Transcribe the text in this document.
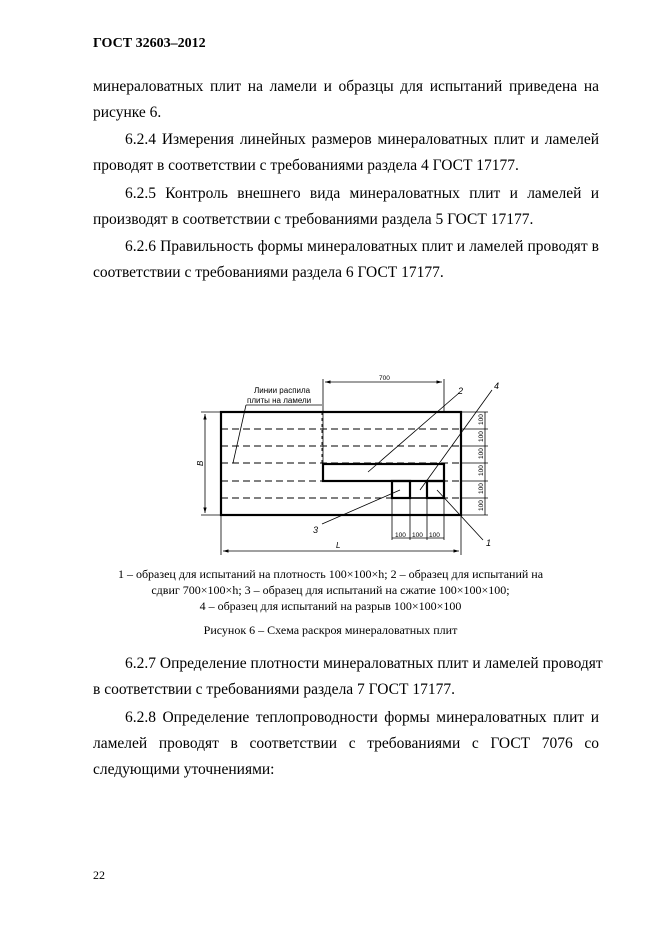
ГОСТ 32603–2012
минераловатных плит на ламели и образцы для испытаний приведена на
рисунке 6.
6.2.4 Измерения линейных размеров минераловатных плит и ламелей
проводят в соответствии с требованиями раздела 4 ГОСТ 17177.
6.2.5 Контроль внешнего вида минераловатных плит и ламелей и
производят в соответствии с требованиями раздела 5 ГОСТ 17177.
6.2.6 Правильность формы минераловатных плит и ламелей проводят в
соответствии с требованиями раздела 6 ГОСТ 17177.
100
100
100
100
100
100
B
L
700
100 100 100
Линии распила
плиты на ламели
2	4
3
1
1 – образец для испытаний на плотность 100×100×h; 2 – образец для испытаний на
сдвиг 700×100×h; 3 – образец для испытаний на сжатие 100×100×100;
4 – образец для испытаний на разрыв 100×100×100
Рисунок 6 – Схема раскроя минераловатных плит
6.2.7 Определение плотности минераловатных плит и ламелей проводят
в соответствии с требованиями раздела 7 ГОСТ 17177.
6.2.8 Определение теплопроводности формы минераловатных плит и
ламелей проводят в соответствии с требованиями с ГОСТ 7076 со
следующими уточнениями:
22
